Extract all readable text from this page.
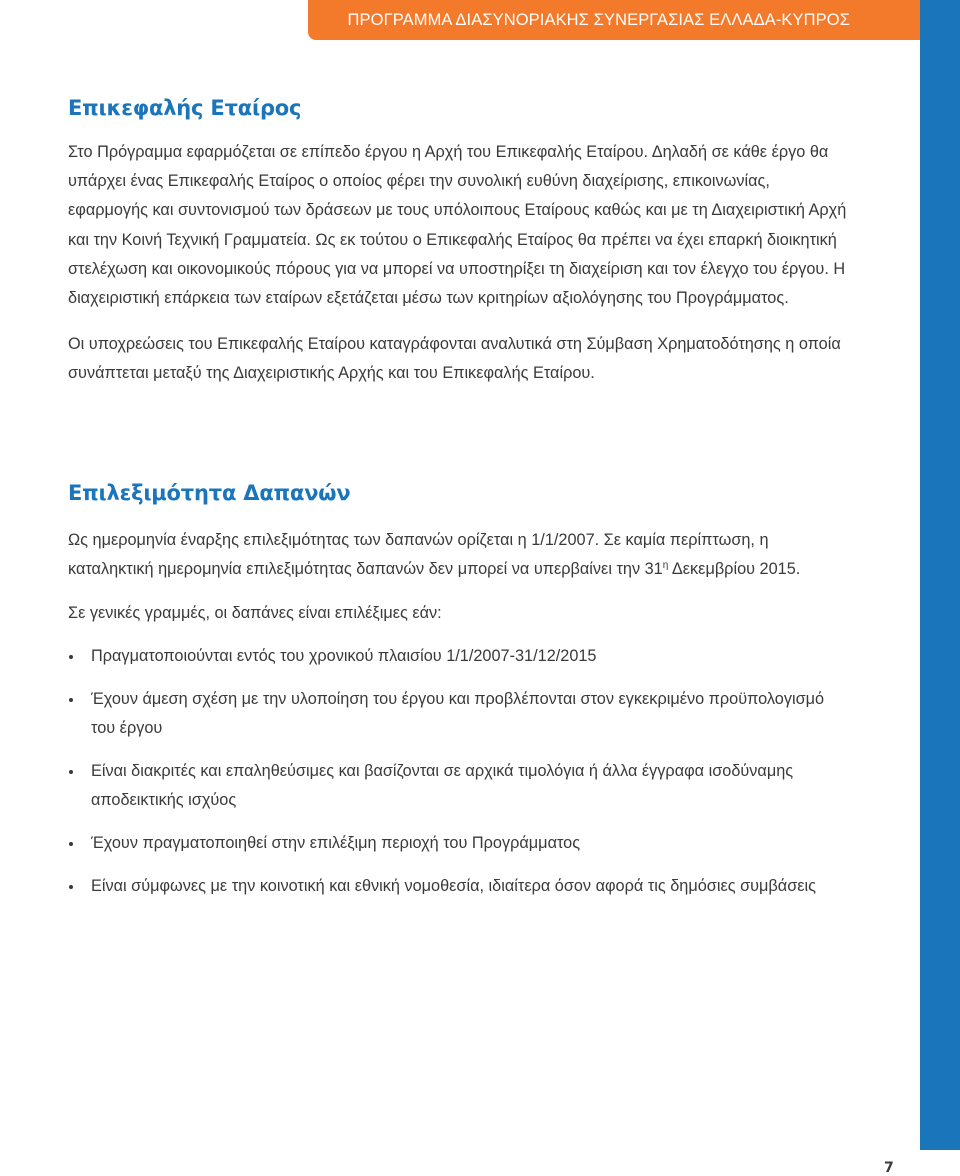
ΠΡΟΓΡΑΜΜΑ ΔΙΑΣΥΝΟΡΙΑΚΗΣ ΣΥΝΕΡΓΑΣΙΑΣ ΕΛΛΑΔΑ-ΚΥΠΡΟΣ
Επικεφαλής Εταίρος

Στο Πρόγραμμα εφαρμόζεται σε επίπεδο έργου η Αρχή του Επικεφαλής Εταίρου. Δηλαδή σε κάθε έργο θα υπάρχει ένας Επικεφαλής Εταίρος ο οποίος φέρει την συνολική ευθύνη διαχείρισης, επικοινωνίας, εφαρμογής και συντονισμού των δράσεων με τους υπόλοιπους Εταίρους καθώς και με τη Διαχειριστική Αρχή και την Κοινή Τεχνική Γραμματεία. Ως εκ τούτου ο Επικεφαλής Εταίρος θα πρέπει να έχει επαρκή διοικητική στελέχωση και οικονομικούς πόρους για να μπορεί να υποστηρίξει τη διαχείριση και τον έλεγχο του έργου. Η διαχειριστική επάρκεια των εταίρων εξετάζεται μέσω των κριτηρίων αξιολόγησης του Προγράμματος.

Οι υποχρεώσεις του Επικεφαλής Εταίρου καταγράφονται αναλυτικά στη Σύμβαση Χρηματοδότησης η οποία συνάπτεται μεταξύ της Διαχειριστικής Αρχής και του Επικεφαλής Εταίρου.

Επιλεξιμότητα Δαπανών

Ως ημερομηνία έναρξης επιλεξιμότητας των δαπανών ορίζεται η 1/1/2007. Σε καμία περίπτωση, η καταληκτική ημερομηνία επιλεξιμότητας δαπανών δεν μπορεί να υπερβαίνει την $31^\eta$ Δεκεμβρίου 2015.

Σε γενικές γραμμές, οι δαπάνες είναι επιλέξιμες εάν:

Πραγματοποιούνται εντός του χρονικού πλαισίου 1/1/2007-31/12/2015
Έχουν άμεση σχέση με την υλοποίηση του έργου και προβλέπονται στον εγκεκριμένο προϋπολογισμό του έργου
Είναι διακριτές και επαληθεύσιμες και βασίζονται σε αρχικά τιμολόγια ή άλλα έγγραφα ισοδύναμης αποδεικτικής ισχύος
Έχουν πραγματοποιηθεί στην επιλέξιμη περιοχή του Προγράμματος
Είναι σύμφωνες με την κοινοτική και εθνική νομοθεσία, ιδιαίτερα όσον αφορά τις δημόσιες συμβάσεις
7
